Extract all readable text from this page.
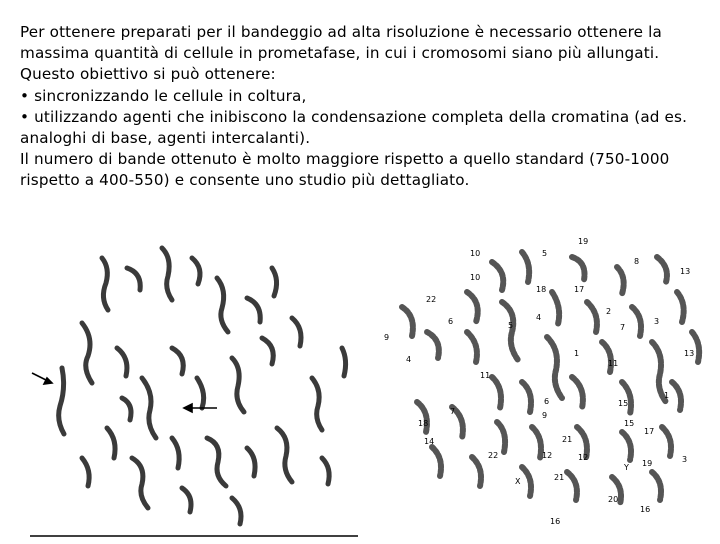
Per ottenere preparati per il bandeggio ad alta risoluzione è necessario ottenere la massima quantità di cellule in prometafase, in cui i cromosomi siano più allungati. Questo obiettivo si può ottenere:

• sincronizzando le cellule in coltura,

• utilizzando agenti che inibiscono la condensazione completa della cromatina (ad es. analoghi di base, agenti intercalanti).

Il numero di bande ottenuto è molto maggiore rispetto a quello standard (750-1000 rispetto a 400-550) e consente uno studio più dettagliato.

19
10	5
8
13
10
18	17
22
6	5
4
2
7
3
9
4
1	13
11
11
1
15
7
18
6
9
15
17
14
22
21
12	12
19	3
21
X
Y
20
16
16
